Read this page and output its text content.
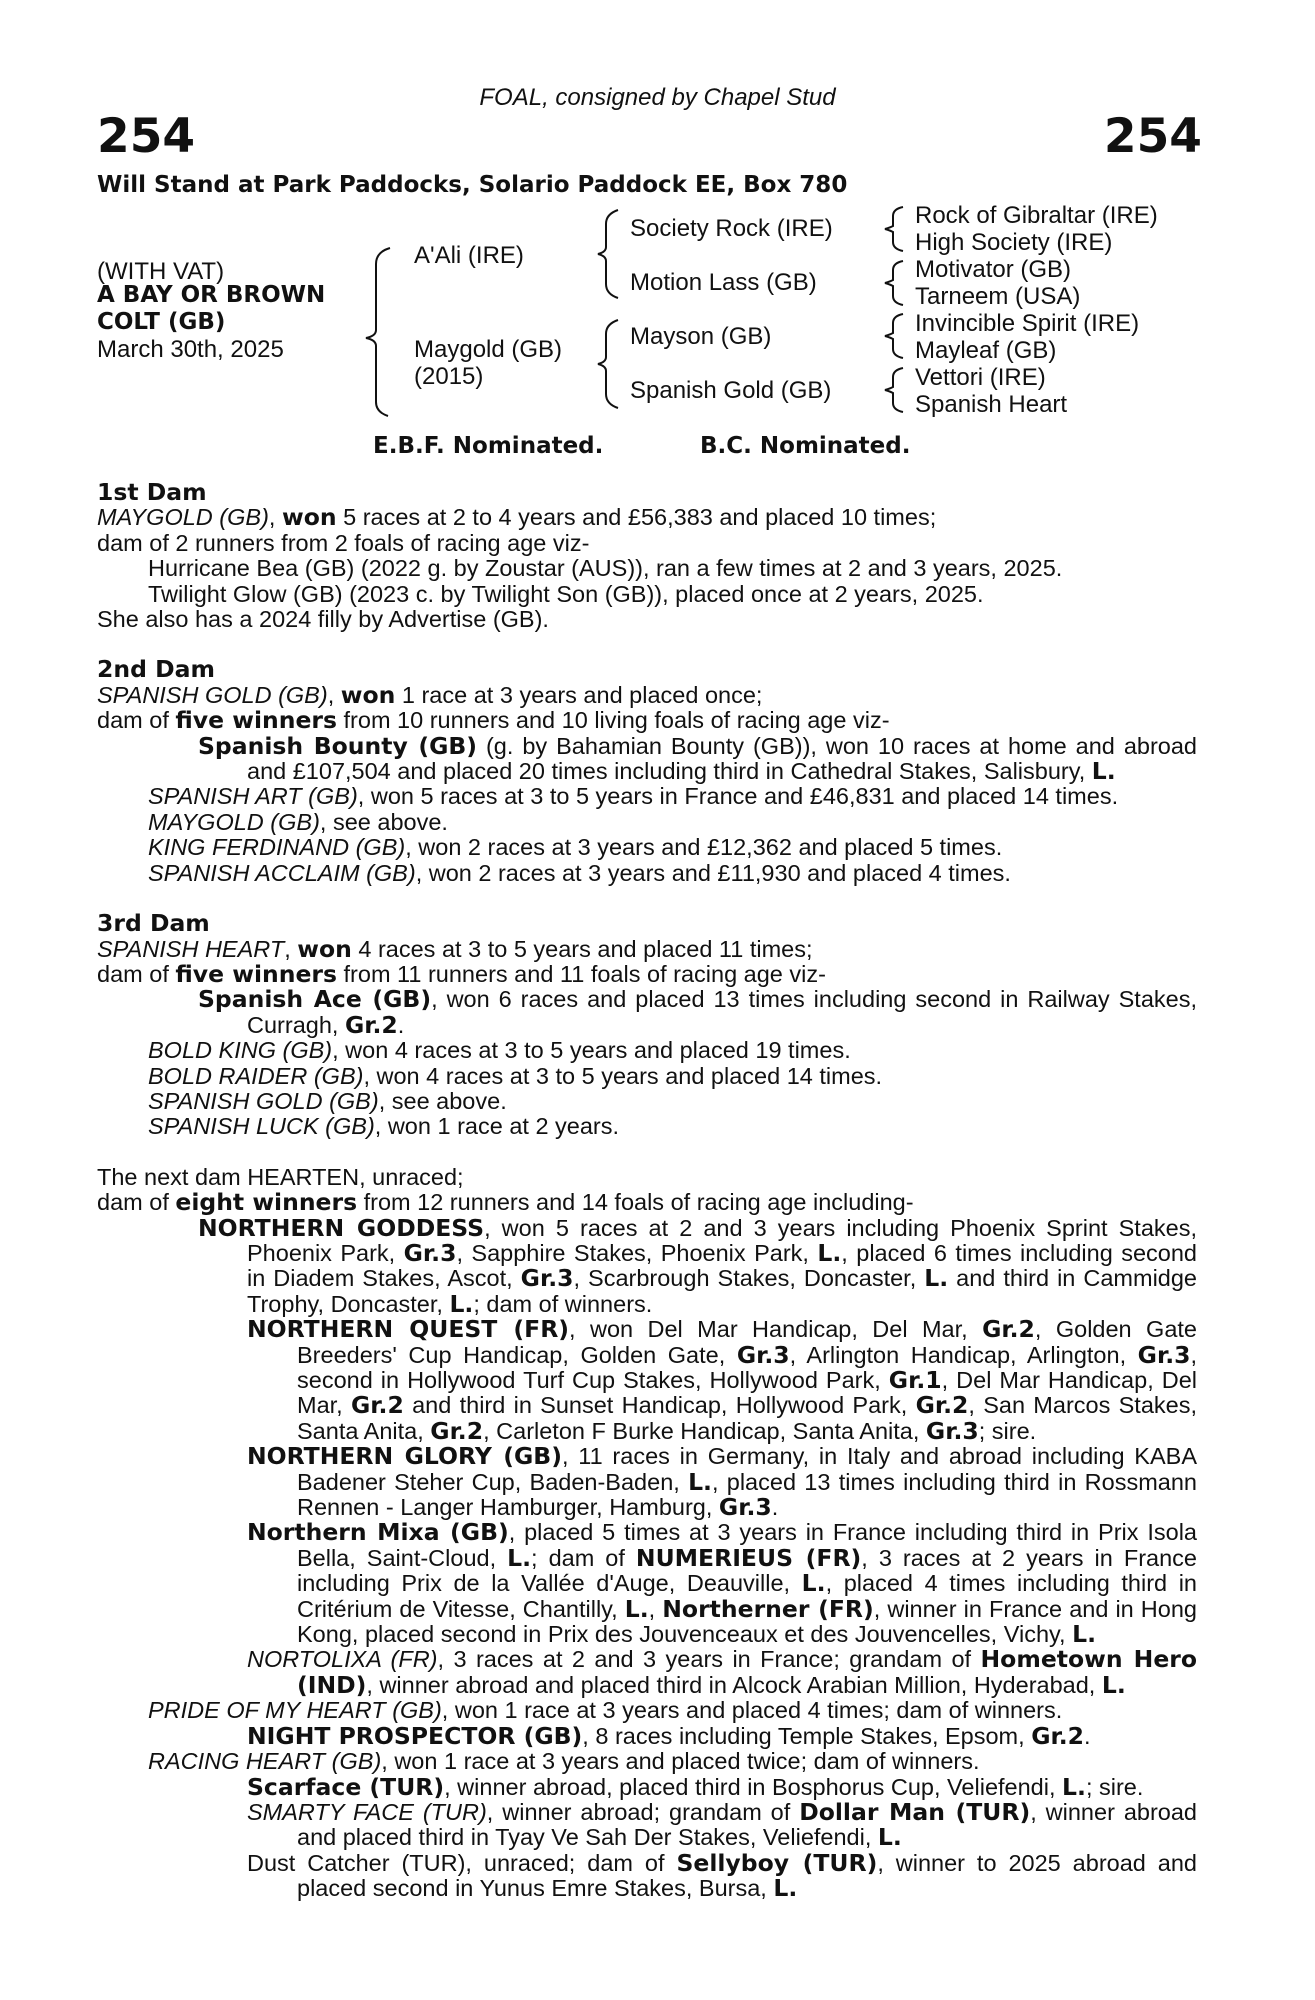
FOAL, consigned by Chapel Stud
254	254
Will Stand at Park Paddocks, Solario Paddock EE, Box 780
(WITH VAT)
A BAY OR BROWN
COLT (GB)
March 30th, 2025
A'Ali (IRE)
Maygold (GB)
(2015)
Society Rock (IRE)
Motion Lass (GB)
Mayson (GB)
Spanish Gold (GB)
Rock of Gibraltar (IRE)
High Society (IRE)
Motivator (GB)
Tarneem (USA)
Invincible Spirit (IRE)
Mayleaf (GB)
Vettori (IRE)
Spanish Heart
E.B.F. Nominated.	B.C. Nominated.

1st Dam

MAYGOLD (GB), won 5 races at 2 to 4 years and £56,383 and placed 10 times;

dam of 2 runners from 2 foals of racing age viz-

Hurricane Bea (GB) (2022 g. by Zoustar (AUS)), ran a few times at 2 and 3 years, 2025.

Twilight Glow (GB) (2023 c. by Twilight Son (GB)), placed once at 2 years, 2025.

She also has a 2024 filly by Advertise (GB).

2nd Dam

SPANISH GOLD (GB), won 1 race at 3 years and placed once;

dam of five winners from 10 runners and 10 living foals of racing age viz-

Spanish Bounty (GB) (g. by Bahamian Bounty (GB)), won 10 races at home and abroad and £107,504 and placed 20 times including third in Cathedral Stakes, Salisbury, L.

SPANISH ART (GB), won 5 races at 3 to 5 years in France and £46,831 and placed 14 times.

MAYGOLD (GB), see above.

KING FERDINAND (GB), won 2 races at 3 years and £12,362 and placed 5 times.

SPANISH ACCLAIM (GB), won 2 races at 3 years and £11,930 and placed 4 times.

3rd Dam

SPANISH HEART, won 4 races at 3 to 5 years and placed 11 times;

dam of five winners from 11 runners and 11 foals of racing age viz-

Spanish Ace (GB), won 6 races and placed 13 times including second in Railway Stakes, Curragh, Gr.2.

BOLD KING (GB), won 4 races at 3 to 5 years and placed 19 times.

BOLD RAIDER (GB), won 4 races at 3 to 5 years and placed 14 times.

SPANISH GOLD (GB), see above.

SPANISH LUCK (GB), won 1 race at 2 years.

The next dam HEARTEN, unraced;

dam of eight winners from 12 runners and 14 foals of racing age including-

NORTHERN GODDESS, won 5 races at 2 and 3 years including Phoenix Sprint Stakes, Phoenix Park, Gr.3, Sapphire Stakes, Phoenix Park, L., placed 6 times including second in Diadem Stakes, Ascot, Gr.3, Scarbrough Stakes, Doncaster, L. and third in Cammidge Trophy, Doncaster, L.; dam of winners.

NORTHERN QUEST (FR), won Del Mar Handicap, Del Mar, Gr.2, Golden Gate Breeders' Cup Handicap, Golden Gate, Gr.3, Arlington Handicap, Arlington, Gr.3, second in Hollywood Turf Cup Stakes, Hollywood Park, Gr.1, Del Mar Handicap, Del Mar, Gr.2 and third in Sunset Handicap, Hollywood Park, Gr.2, San Marcos Stakes, Santa Anita, Gr.2, Carleton F Burke Handicap, Santa Anita, Gr.3; sire.

NORTHERN GLORY (GB), 11 races in Germany, in Italy and abroad including KABA Badener Steher Cup, Baden-Baden, L., placed 13 times including third in Rossmann Rennen - Langer Hamburger, Hamburg, Gr.3.

Northern Mixa (GB), placed 5 times at 3 years in France including third in Prix Isola Bella, Saint-Cloud, L.; dam of NUMERIEUS (FR), 3 races at 2 years in France including Prix de la Vallée d'Auge, Deauville, L., placed 4 times including third in Critérium de Vitesse, Chantilly, L., Northerner (FR), winner in France and in Hong Kong, placed second in Prix des Jouvenceaux et des Jouvencelles, Vichy, L.

NORTOLIXA (FR), 3 races at 2 and 3 years in France; grandam of Hometown Hero (IND), winner abroad and placed third in Alcock Arabian Million, Hyderabad, L.

PRIDE OF MY HEART (GB), won 1 race at 3 years and placed 4 times; dam of winners.

NIGHT PROSPECTOR (GB), 8 races including Temple Stakes, Epsom, Gr.2.

RACING HEART (GB), won 1 race at 3 years and placed twice; dam of winners.

Scarface (TUR), winner abroad, placed third in Bosphorus Cup, Veliefendi, L.; sire.

SMARTY FACE (TUR), winner abroad; grandam of Dollar Man (TUR), winner abroad and placed third in Tyay Ve Sah Der Stakes, Veliefendi, L.

Dust Catcher (TUR), unraced; dam of Sellyboy (TUR), winner to 2025 abroad and placed second in Yunus Emre Stakes, Bursa, L.
